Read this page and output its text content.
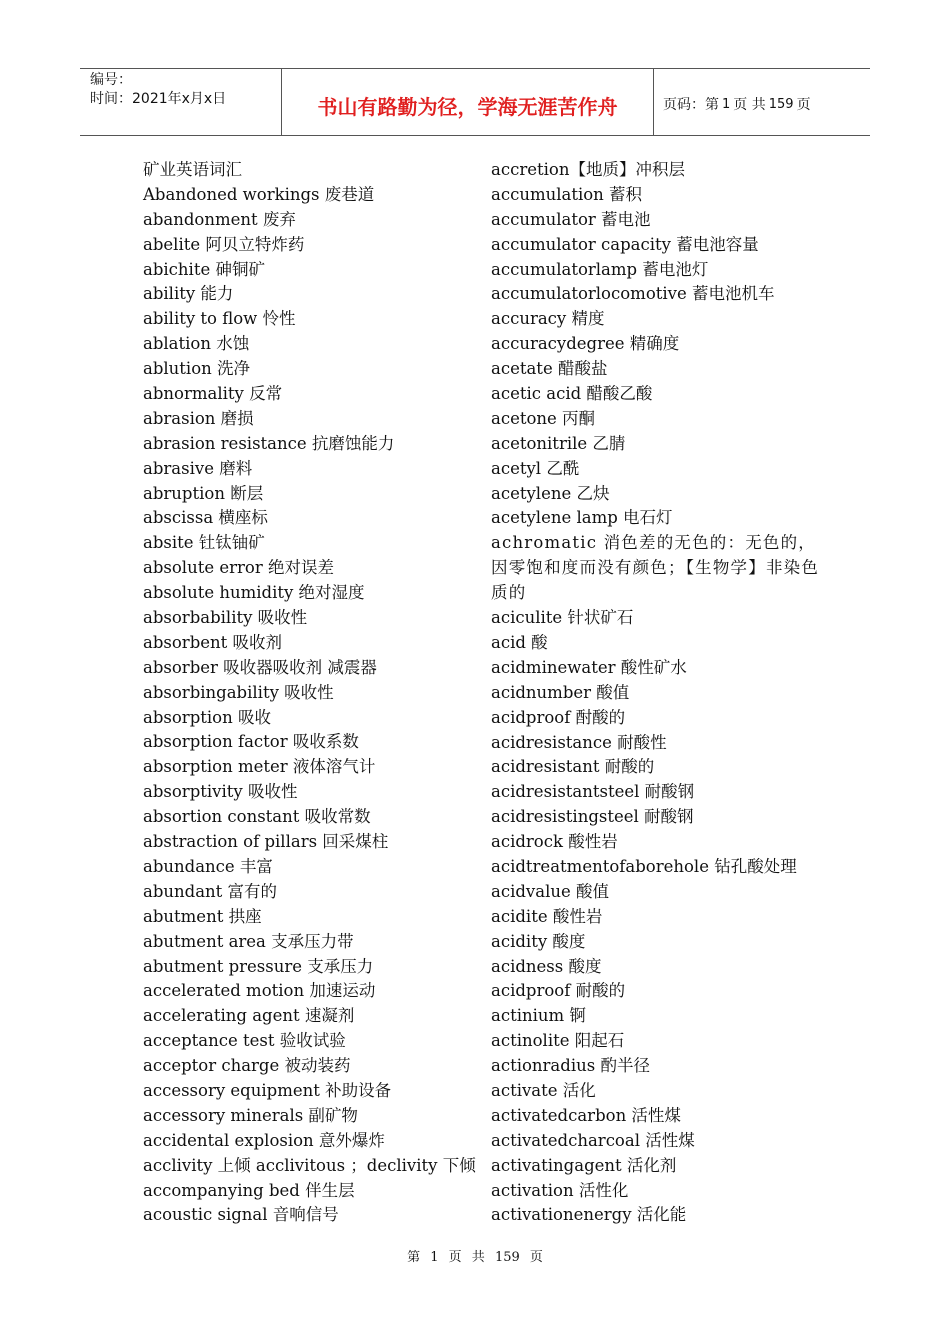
编号：
时间：2021年x月x日	书山有路勤为径，学海无涯苦作舟	页码：第 1 页 共 159 页
矿业英语词汇
Abandoned workings 废巷道
abandonment 废弃
abelite 阿贝立特炸药
abichite 砷铜矿
ability 能力
ability to flow 怜性
ablation 水蚀
ablution 洗净
abnormality 反常
abrasion 磨损
abrasion resistance 抗磨蚀能力
abrasive 磨料
abruption 断层
abscissa 横座标
absite 钍钛铀矿
absolute error 绝对误差
absolute humidity 绝对湿度
absorbability 吸收性
absorbent 吸收剂
absorber 吸收器吸收剂 减震器
absorbingability 吸收性
absorption 吸收
absorption factor 吸收系数
absorption meter 液体溶气计
absorptivity 吸收性
absortion constant 吸收常数
abstraction of pillars 回采煤柱
abundance 丰富
abundant 富有的
abutment 拱座
abutment area 支承压力带
abutment pressure 支承压力
accelerated motion 加速运动
accelerating agent 速凝剂
acceptance test 验收试验
acceptor charge 被动装药
accessory equipment 补助设备
accessory minerals 副矿物
accidental explosion 意外爆炸
acclivity 上倾 acclivitous ；declivity 下倾
accompanying bed 伴生层
acoustic signal 音响信号
accretion【地质】冲积层
accumulation 蓄积
accumulator 蓄电池
accumulator capacity 蓄电池容量
accumulatorlamp 蓄电池灯
accumulatorlocomotive 蓄电池机车
accuracy 精度
accuracydegree 精确度
acetate 醋酸盐
acetic acid 醋酸乙酸
acetone 丙酮
acetonitrile 乙腈
acetyl 乙酰
acetylene 乙炔
acetylene lamp 电石灯
achromatic 消色差的无色的：无色的，因零饱和度而没有颜色；【生物学】非染色质的
aciculite 针状矿石
acid 酸
acidminewater 酸性矿水
acidnumber 酸值
acidproof 酎酸的
acidresistance 耐酸性
acidresistant 耐酸的
acidresistantsteel 耐酸钢
acidresistingsteel 耐酸钢
acidrock 酸性岩
acidtreatmentofaborehole 钻孔酸处理
acidvalue 酸值
acidite 酸性岩
acidity 酸度
acidness 酸度
acidproof 耐酸的
actinium 锕
actinolite 阳起石
actionradius 酌半径
activate 活化
activatedcarbon 活性煤
activatedcharcoal 活性煤
activatingagent 活化剂
activation 活性化
activationenergy 活化能
第 1 页 共 159 页
